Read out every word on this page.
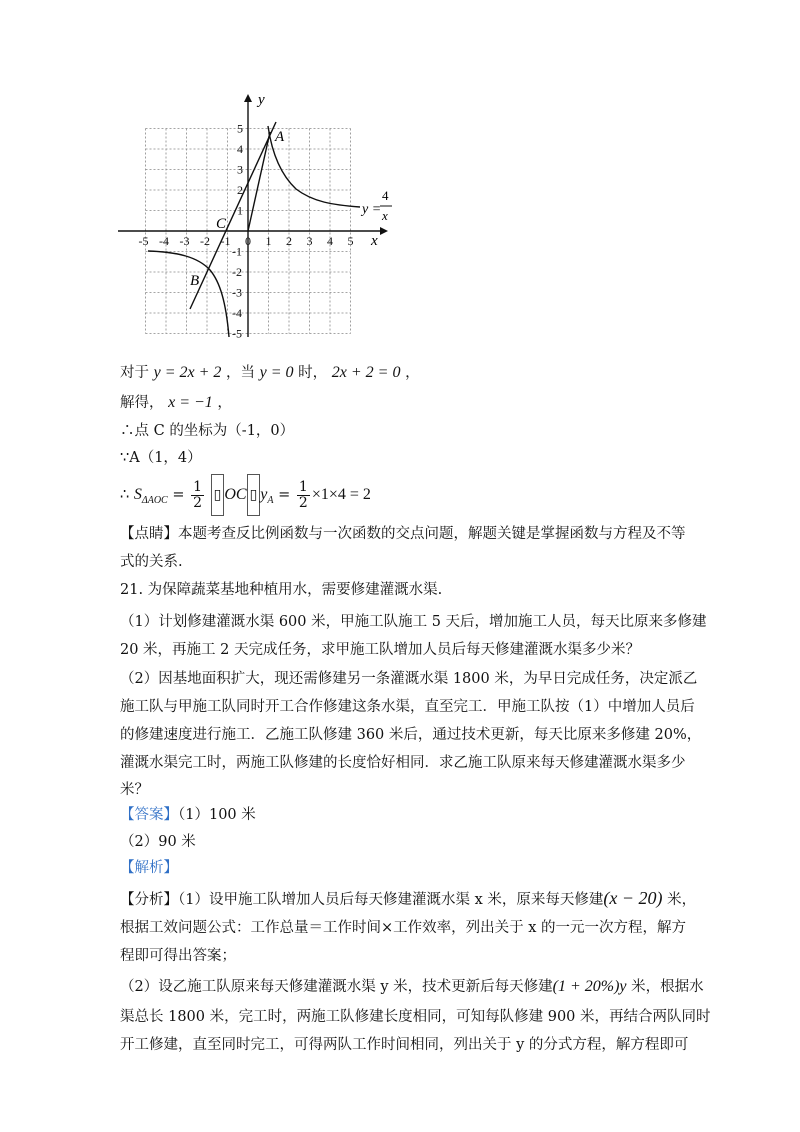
-5 -4 -3 -2 -1 0 1 2 3 4 5
5
4
3
2
1
-1
-2
-3
-4
-5
y
x
A
B
C
y =
4
x
对于 y = 2x + 2 ，当 y = 0 时， 2x + 2 = 0 ，
解得， x = −1 ，
∴点 C 的坐标为（-1，0）
∵A（1，4）
∴ $S_{\Delta AOC} = \frac{1}{2}$ ▯ OC ▯ $y_A = \frac{1}{2} \times 1\times 4 = 2$
【点睛】本题考查反比例函数与一次函数的交点问题，解题关键是掌握函数与方程及不等
式的关系.
21. 为保障蔬菜基地种植用水，需要修建灌溉水渠.
（1）计划修建灌溉水渠 600 米，甲施工队施工 5 天后，增加施工人员，每天比原来多修建
20 米，再施工 2 天完成任务，求甲施工队增加人员后每天修建灌溉水渠多少米？
（2）因基地面积扩大，现还需修建另一条灌溉水渠 1800 米，为早日完成任务，决定派乙
施工队与甲施工队同时开工合作修建这条水渠，直至完工．甲施工队按（1）中增加人员后
的修建速度进行施工．乙施工队修建 360 米后，通过技术更新，每天比原来多修建 20%，
灌溉水渠完工时，两施工队修建的长度恰好相同．求乙施工队原来每天修建灌溉水渠多少
米？
【答案】（1）100 米
（2）90 米
【解析】
【分析】（1）设甲施工队增加人员后每天修建灌溉水渠 x 米，原来每天修建(x − 20) 米，
根据工效问题公式：工作总量＝工作时间×工作效率，列出关于 x 的一元一次方程，解方
程即可得出答案；
（2）设乙施工队原来每天修建灌溉水渠 y 米，技术更新后每天修建(1 + 20%)y 米，根据水
渠总长 1800 米，完工时，两施工队修建长度相同，可知每队修建 900 米，再结合两队同时
开工修建，直至同时完工，可得两队工作时间相同，列出关于 y 的分式方程，解方程即可
